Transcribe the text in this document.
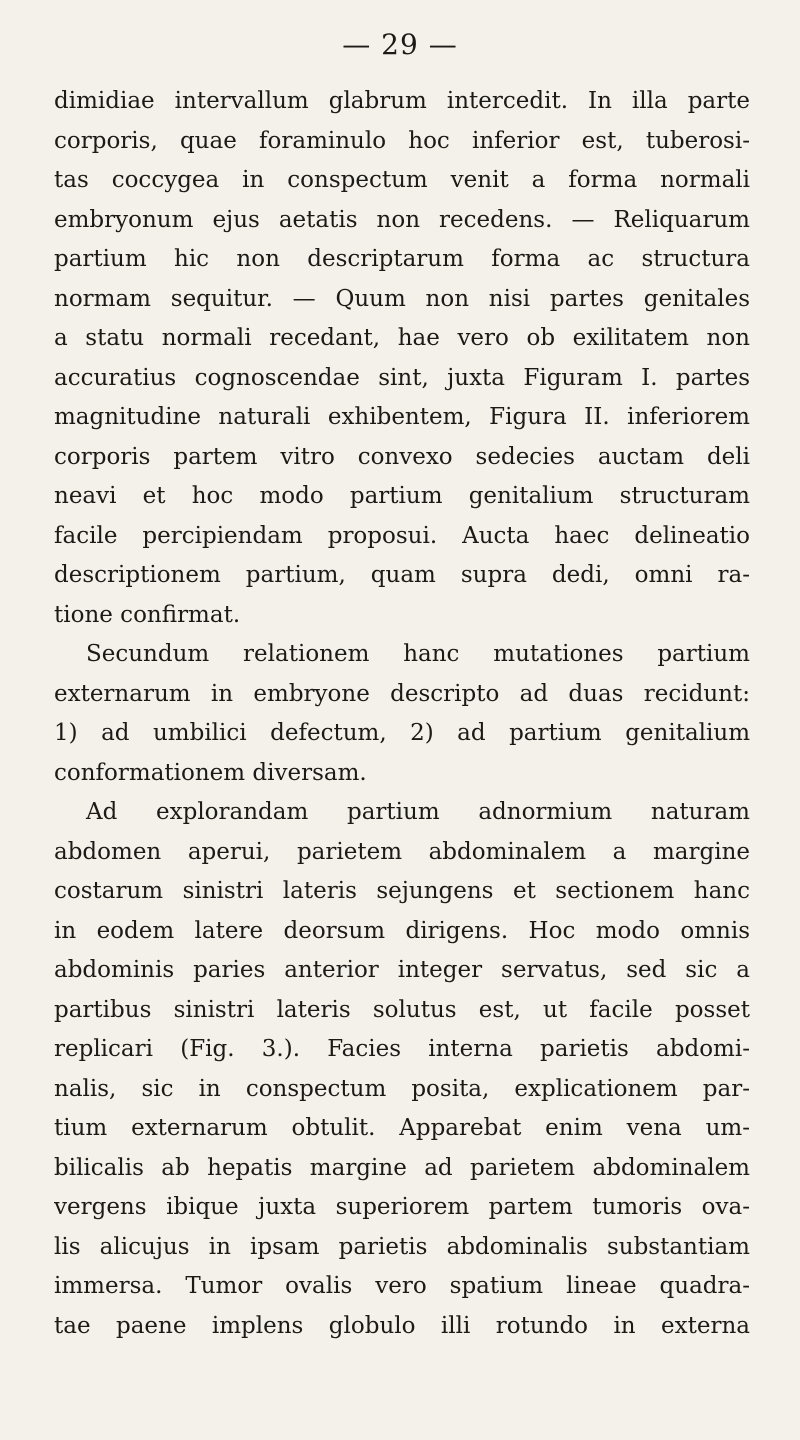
— 29 —
dimidiae intervallum glabrum intercedit. In illa parte
corporis, quae foraminulo hoc inferior est, tuberosi-
tas coccygea in conspectum venit a forma normali
embryonum ejus aetatis non recedens. — Reliquarum
partium hic non descriptarum forma ac structura
normam sequitur. — Quum non nisi partes genitales
a statu normali recedant, hae vero ob exilitatem non
accuratius cognoscendae sint, juxta Figuram I. partes
magnitudine naturali exhibentem, Figura II. inferiorem
corporis partem vitro convexo sedecies auctam deli
neavi et hoc modo partium genitalium structuram
facile percipiendam proposui. Aucta haec delineatio
descriptionem partium, quam supra dedi, omni ra-
tione confirmat.
Secundum relationem hanc mutationes partium
externarum in embryone descripto ad duas recidunt:
1) ad umbilici defectum, 2) ad partium genitalium
conformationem diversam.
Ad explorandam partium adnormium naturam
abdomen aperui, parietem abdominalem a margine
costarum sinistri lateris sejungens et sectionem hanc
in eodem latere deorsum dirigens. Hoc modo omnis
abdominis paries anterior integer servatus, sed sic a
partibus sinistri lateris solutus est, ut facile posset
replicari (Fig. 3.). Facies interna parietis abdomi-
nalis, sic in conspectum posita, explicationem par-
tium externarum obtulit. Apparebat enim vena um-
bilicalis ab hepatis margine ad parietem abdominalem
vergens ibique juxta superiorem partem tumoris ova-
lis alicujus in ipsam parietis abdominalis substantiam
immersa. Tumor ovalis vero spatium lineae quadra-
tae paene implens globulo illi rotundo in externa
